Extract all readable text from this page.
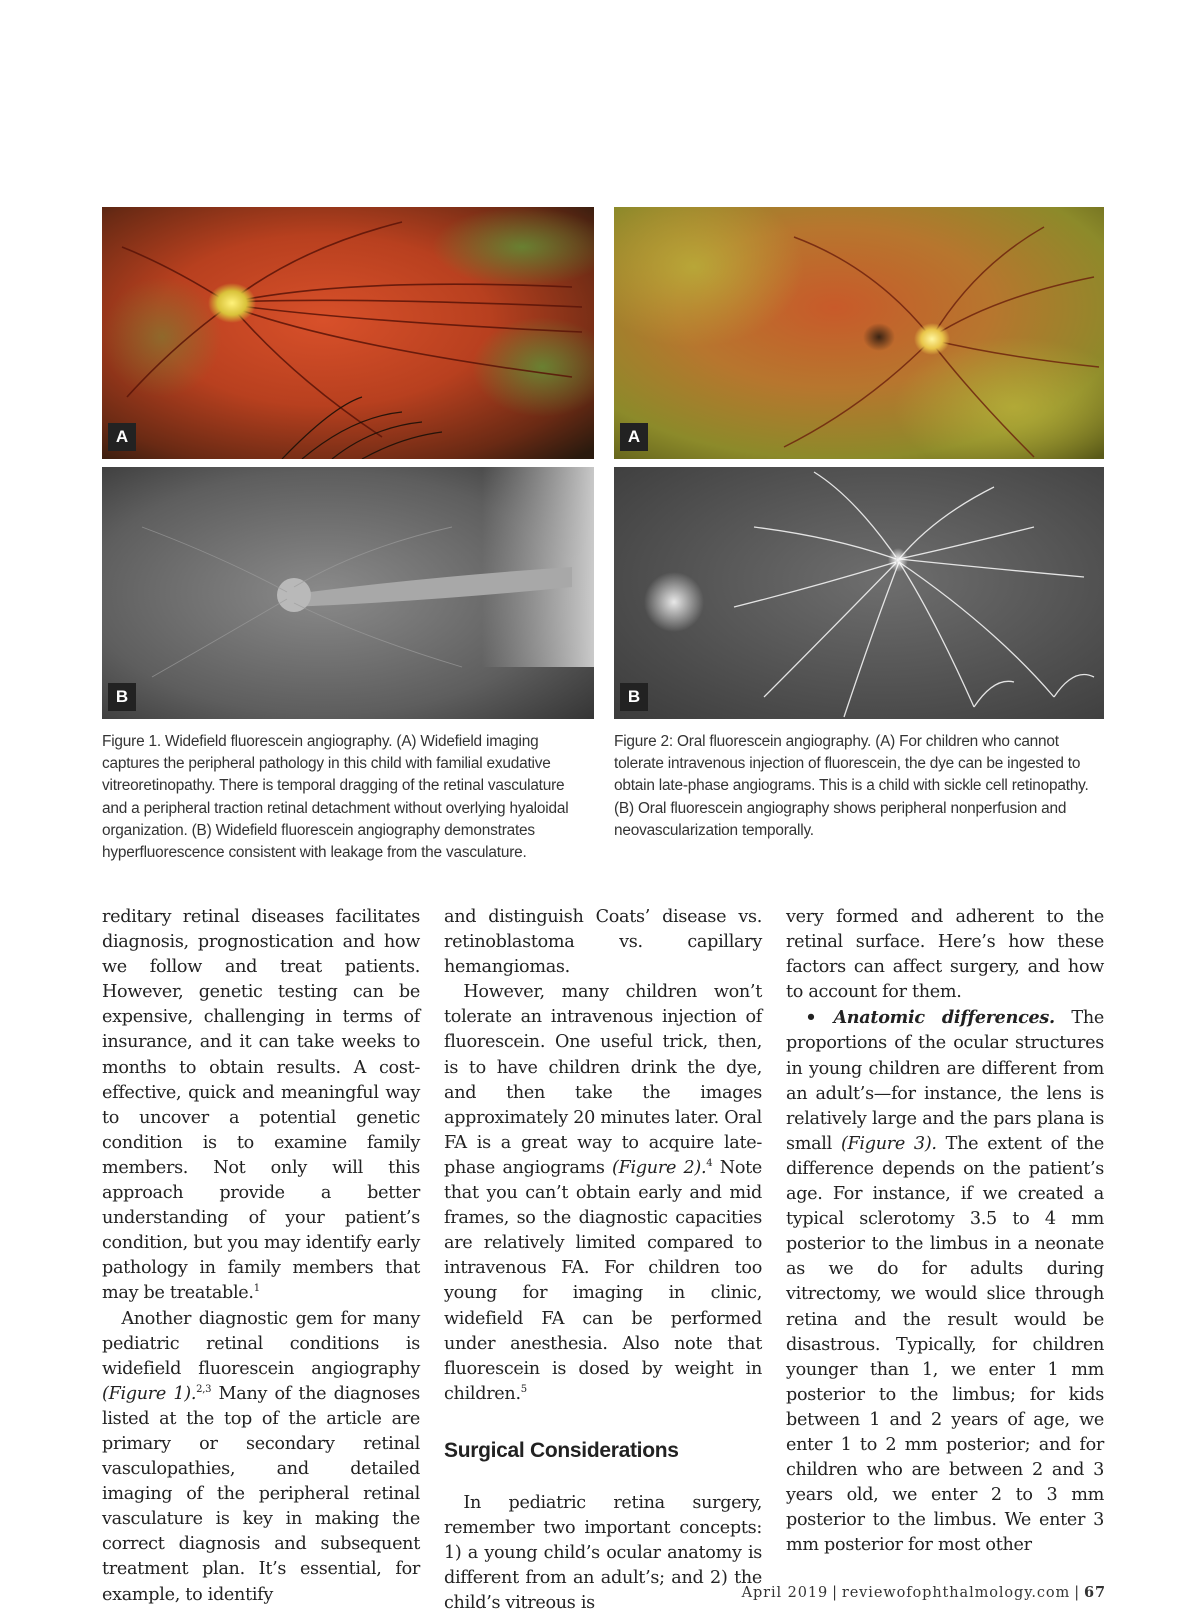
A	A
B	B
Figure 1. Widefield fluorescein angiography. (A) Widefield imaging captures the peripheral pathology in this child with familial exudative vitreoretinopathy. There is temporal dragging of the retinal vasculature and a peripheral traction retinal detachment without overlying hyaloidal organization. (B) Widefield fluorescein angiography demonstrates hyperfluorescence consistent with leakage from the vasculature.
Figure 2: Oral fluorescein angiography. (A) For children who cannot tolerate intravenous injection of fluorescein, the dye can be ingested to obtain late-phase angiograms. This is a child with sickle cell retinopathy. (B) Oral fluorescein angiography shows peripheral nonperfusion and neovascularization temporally.

reditary retinal diseases facilitates diagnosis, prognostication and how we follow and treat patients. However, genetic testing can be expensive, challenging in terms of insurance, and it can take weeks to months to obtain results. A cost-effective, quick and meaningful way to uncover a potential genetic condition is to examine family members. Not only will this approach provide a better understanding of your patient’s condition, but you may identify early pathology in family members that may be treatable.$^1$

Another diagnostic gem for many pediatric retinal conditions is widefield fluorescein angiography (Figure 1).$^{2,3}$ Many of the diagnoses listed at the top of the article are primary or secondary retinal vasculopathies, and detailed imaging of the peripheral retinal vasculature is key in making the correct diagnosis and subsequent treatment plan. It’s essential, for example, to identify

and distinguish Coats’ disease vs. retinoblastoma vs. capillary hemangiomas.

However, many children won’t tolerate an intravenous injection of fluorescein. One useful trick, then, is to have children drink the dye, and then take the images approximately 20 minutes later. Oral FA is a great way to acquire late-phase angiograms (Figure 2).$^4$ Note that you can’t obtain early and mid frames, so the diagnostic capacities are relatively limited compared to intravenous FA. For children too young for imaging in clinic, widefield FA can be performed under anesthesia. Also note that fluorescein is dosed by weight in children.$^5$

Surgical Considerations

In pediatric retina surgery, remember two important concepts: 1) a young child’s ocular anatomy is different from an adult’s; and 2) the child’s vitreous is

very formed and adherent to the retinal surface. Here’s how these factors can affect surgery, and how to account for them.

• Anatomic differences. The proportions of the ocular structures in young children are different from an adult’s—for instance, the lens is relatively large and the pars plana is small (Figure 3). The extent of the difference depends on the patient’s age. For instance, if we created a typical sclerotomy 3.5 to 4 mm posterior to the limbus in a neonate as we do for adults during vitrectomy, we would slice through retina and the result would be disastrous. Typically, for children younger than 1, we enter 1 mm posterior to the limbus; for kids between 1 and 2 years of age, we enter 1 to 2 mm posterior; and for children who are between 2 and 3 years old, we enter 2 to 3 mm posterior to the limbus. We enter 3 mm posterior for most other

April 2019 | reviewofophthalmology.com | 67
